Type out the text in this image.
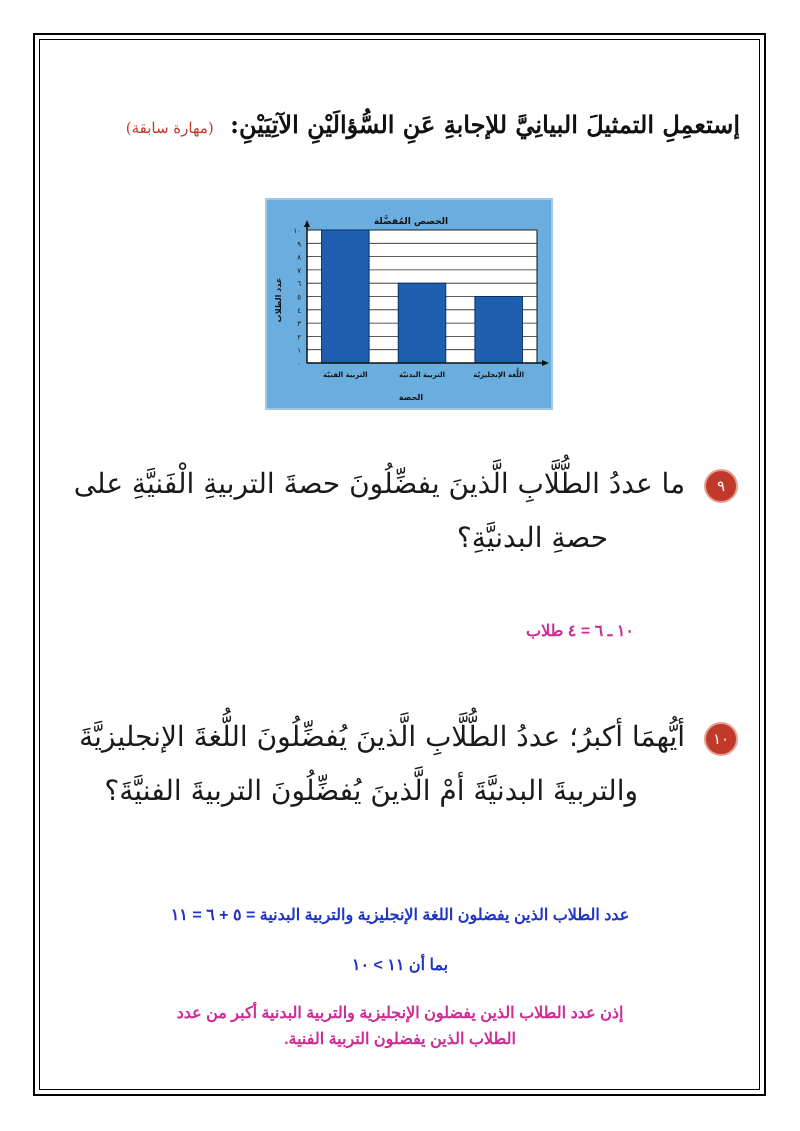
إستعمِلِ التمثيلَ البيانِيَّ للإجابةِ عَنِ السُّؤالَيْنِ الآتِيَيْنِ: (مهارة سابقة)
الحصص المُفضَّلة
عدد الطلاب
الحصة
٠
١
٢
٣
٤
٥
٦
٧
٨
٩
١٠
التربية الفنيّة	التربية البدنيّة	اللُّغة الإنجليزيّة
٩ ما عددُ الطُّلَّابِ الَّذينَ يفضِّلُونَ حصةَ التربيةِ الْفَنيَّةِ على
حصةِ البدنيَّةِ؟
١٠ ـ ٦ = ٤ طلاب
١٠ أيُّهمَا أكبرُ؛ عددُ الطُّلَّابِ الَّذينَ يُفضِّلُونَ اللُّغةَ الإنجليزيَّةَ
والتربيةَ البدنيَّةَ أمْ الَّذينَ يُفضِّلُونَ التربيةَ الفنيَّةَ؟
عدد الطلاب الذين يفضلون اللغة الإنجليزية والتربية البدنية = ٥ + ٦ = ١١
بما أن ١١ > ١٠
إذن عدد الطلاب الذين يفضلون الإنجليزية والتربية البدنية أكبر من عدد
الطلاب الذين يفضلون التربية الفنية.
